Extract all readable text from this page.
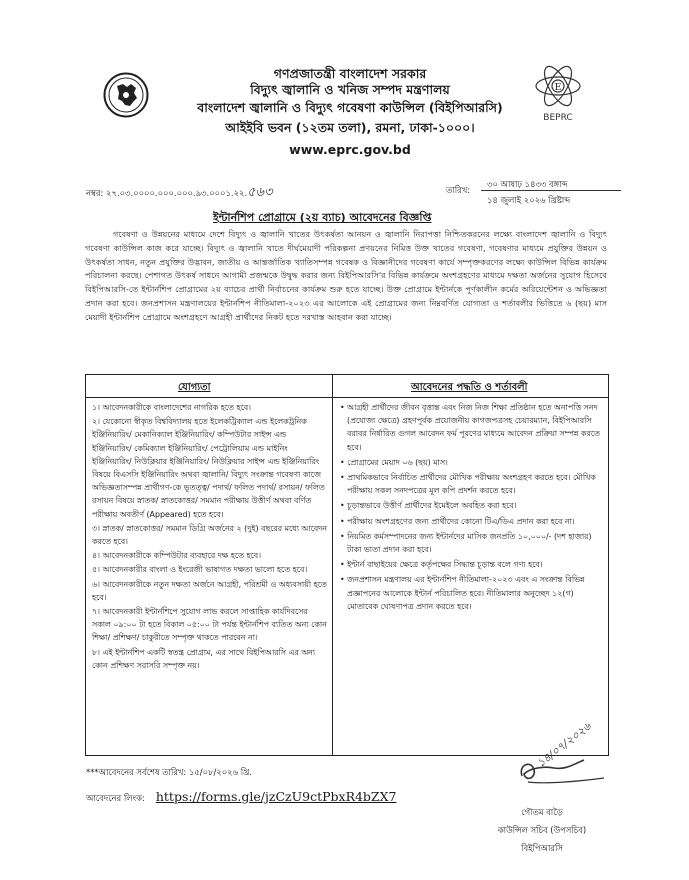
E
BEPRC
গণপ্রজাতন্ত্রী বাংলাদেশ সরকার
বিদ্যুৎ জ্বালানি ও খনিজ সম্পদ মন্ত্রণালয়
বাংলাদেশ জ্বালানি ও বিদ্যুৎ গবেষণা কাউন্সিল (বিইপিআরসি)
আইইবি ভবন (১২তম তলা), রমনা, ঢাকা-১০০০।
www.eprc.gov.bd
নম্বর: ২৭.০৩.০০০০.০০০.০০০.৯৩.০০০১.২২.৫৬৩	তারিখ:
৩০ আষাঢ় ১৪৩৩ বঙ্গাব্দ
১৪ জুলাই ২০২৬ খ্রিষ্টাব্দ
ইন্টার্নশিপ প্রোগ্রামে (২য় ব্যাচ) আবেদনের বিজ্ঞপ্তি
গবেষণা ও উন্নয়নের মাধ্যমে দেশে বিদ্যুৎ ও জ্বালানি খাতের উৎকর্ষতা আনয়ন ও জ্বালানি নিরাপত্তা নিশ্চিতকরনের লক্ষ্যে বাংলাদেশ জ্বালানি ও বিদ্যুৎ গবেষণা কাউন্সিল কাজ করে যাচ্ছে। বিদ্যুৎ ও জ্বালানি খাতে দীর্ঘমেয়াদী পরিকল্পনা প্রণয়নের নিমিত্ত উক্ত খাতের গবেষণা, গবেষণার মাধ্যমে প্রযুক্তির উন্নয়ন ও উৎকর্ষতা সাধন, নতুন প্রযুক্তির উদ্ভাবন, জাতীয় ও আন্তর্জাতিক খ্যাতিসম্পন্ন গবেষক ও বিজ্ঞানীদের গবেষণা কার্যে সম্পৃক্তকরণের লক্ষ্যে কাউন্সিল বিভিন্ন কার্যক্রম পরিচালনা করছে। পেশাগত উৎকর্ষ সাধনে আগামী প্রজন্মকে উদ্বুদ্ধ করার জন্য বিইপিআরসি'র বিভিন্ন কার্যক্রমে অংশগ্রহণের মাধ্যমে দক্ষতা অর্জনের সুযোগ হিসেবে বিইপিআরসি-তে ইন্টার্নশিপ প্রোগ্রামের ২য় ব্যাচের প্রার্থী নির্বাচনের কার্যক্রম শুরু হতে যাচ্ছে। উক্ত প্রোগ্রামে ইন্টার্নকে পূর্ণকালীন কর্মের অরিয়েন্টেশন ও অভিজ্ঞতা প্রদান করা হবে। জনপ্রশাসন মন্ত্রণালয়ের ইন্টার্নশিপ নীতিমালা-২০২৩ এর আলোকে এই প্রোগ্রামের জন্য নিম্নবর্ণিত যোগ্যতা ও শর্তাবলীর ভিত্তিতে ৬ (ছয়) মাস মেয়াদী ইন্টার্নশিপ প্রোগ্রামে অংশগ্রহণে আগ্রহী প্রার্থীদের নিকট হতে দরখাস্ত আহবান করা যাচ্ছে।
যোগ্যতা	আবেদনের পদ্ধতি ও শর্তাবলী

১। আবেদনকারীকে বাংলাদেশের নাগরিক হতে হবে।

২। যেকোনো স্বীকৃত বিশ্ববিদ্যালয় হতে ইলেকট্রিক্যাল এন্ড ইলেকট্রনিক ইঞ্জিনিয়ারিং/ মেকানিক্যাল ইঞ্জিনিয়ারিং/ কম্পিউটার সাইন্স এন্ড ইঞ্জিনিয়ারিং/ কেমিক্যাল ইঞ্জিনিয়ারিং/ পেট্রোলিয়াম এন্ড মাইনিং ইঞ্জিনিয়ারিং/ নিউক্লিয়ার ইঞ্জিনিয়ারিং/ নিউক্লিয়ার সাইন্স এন্ড ইঞ্জিনিয়ারিং বিষয়ে বিএসসি ইঞ্জিনিয়ারিং অথবা জ্বালানি/ বিদ্যুৎ সংক্রান্ত গবেষণা কাজে অভিজ্ঞতাসম্পন্ন প্রার্থীগণ-কে ভূতত্ত্ব/ পদার্থ/ ফলিত পদার্থ/ রসায়ন/ ফলিত রসায়ন বিষয়ে স্নাতক/ স্নাতকোত্তর/ সমমান পরীক্ষায় উত্তীর্ণ অথবা বর্ণিত পরীক্ষায় অবতীর্ণ (Appeared) হতে হবে।

৩। স্নাতক/ স্নাতকোত্তর/ সমমান ডিগ্রি অর্জনের ২ (দুই) বছরের মধ্যে আবেদন করতে হবে।

৪। আবেদনকারীকে কম্পিউটার ব্যবহারে দক্ষ হতে হবে।

৫। আবেদনকারীর বাংলা ও ইংরেজী ভাষাগত দক্ষতা ভালো হতে হবে।

৬। আবেদনকারীকে নতুন দক্ষতা অর্জনে আগ্রহী, পরিশ্রমী ও অধ্যবসায়ী হতে হবে।

৭। আবেদনকারী ইন্টার্নশিপে সুযোগ লাভ করলে সাপ্তাহিক কার্যদিবসের সকাল ০৯:০০ টা হতে বিকাল ০৫:০০ টা পর্যন্ত ইন্টার্নশিপ ব্যতিত অন্য কোন শিক্ষা/ প্রশিক্ষণ/ চাকুরীতে সম্পৃক্ত থাকতে পারবেন না।

৮। এই ইন্টার্নশিপ একটি স্বতন্ত্র প্রোগ্রাম, এর সাথে বিইপিআরসি এর অন্য কোন প্রশিক্ষণ সরাসরি সম্পৃক্ত নয়।

• আগ্রহী প্রার্থীদের জীবন বৃত্তান্ত এবং নিজ নিজ শিক্ষা প্রতিষ্ঠান হতে অনাপত্তি সনদ (প্রযোজ্য ক্ষেত্রে) গ্রহণপূর্বক প্রয়োজনীয় কাগজপত্রসহ চেয়ারম্যান, বিইপিআরসি বরাবর নির্ধারিত গুগল আবেদন ফর্ম পূরণের মাধ্যমে আবেদন প্রক্রিয়া সম্পন্ন করতে হবে।

• প্রোগ্রামের মেয়াদ ০৬ (ছয়) মাস।

• প্রাথমিকভাবে নির্বাচিত প্রার্থীদের মৌখিক পরীক্ষায় অংশগ্রহণ করতে হবে। মৌখিক পরীক্ষায় সকল সনদপত্রের মূল কপি প্রদর্শন করতে হবে।

• চূড়ান্তভাবে উত্তীর্ণ প্রার্থীদের ইমেইলে অবহিত করা হবে।

• পরীক্ষায় অংশগ্রহণের জন্য প্রার্থীদের কোনো টিএ/ডিএ প্রদান করা হবে না।

• নিয়মিত কর্মসম্পাদনের জন্য ইন্টার্নদের মাসিক জনপ্রতি ১০,০০০/- (দশ হাজার) টাকা ভাতা প্রদান করা হবে।

• ইন্টার্ন বাছাইয়ের ক্ষেত্রে কর্তৃপক্ষের সিদ্ধান্ত চূড়ান্ত বলে গণ্য হবে।

• জনপ্রশাসন মন্ত্রণালয় এর ইন্টার্নশিপ নীতিমালা-২০২৩ এবং এ সংক্রান্ত বিভিন্ন প্রজ্ঞাপনের আলোকে ইন্টার্ন পরিচালিত হবে। নীতিমালার অনুচ্ছেদ ১২(গ) মোতাবেক ঘোষণাপত্র প্রদান করতে হবে।

***আবেদনের সর্বশেষ তারিখ: ১৫/০৮/২০২৬ খ্রি.
আবেদনের লিংক: https://forms.gle/jzCzU9ctPbxR4bZX7
১৪/০৭/২০২৬
গৌতম বাড়ৈ
কাউন্সিল সচিব (উপসচিব)
বিইপিআরসি
